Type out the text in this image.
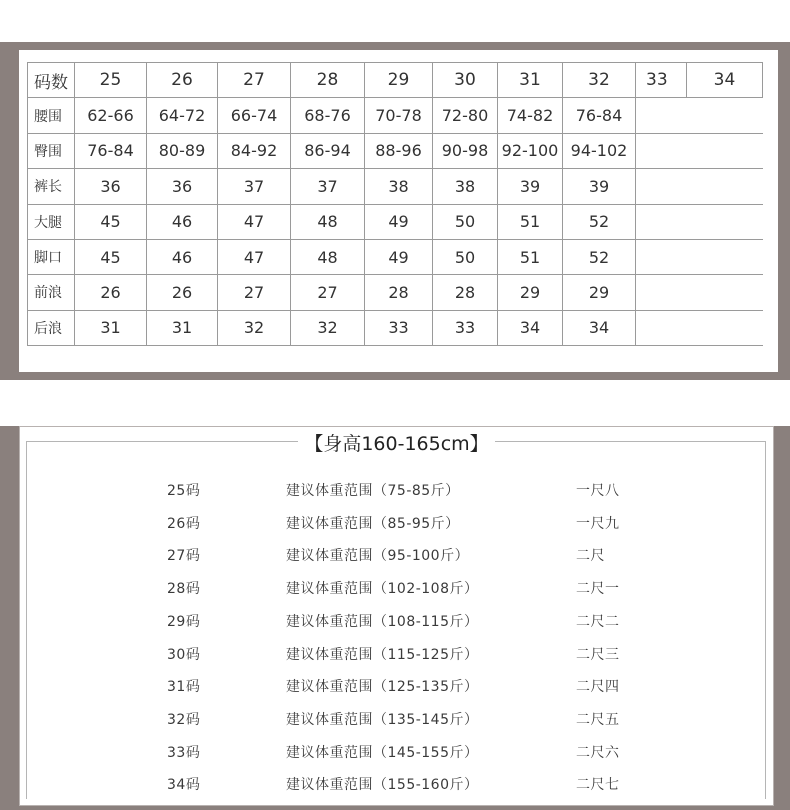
码数	25	26	27	28	29	30	31	32	33	34
腰围	62-66	64-72	66-74	68-76	70-78	72-80	74-82	76-84		
臀围	76-84	80-89	84-92	86-94	88-96	90-98	92-100	94-102		
裤长	36	36	37	37	38	38	39	39		
大腿	45	46	47	48	49	50	51	52		
脚口	45	46	47	48	49	50	51	52		
前浪	26	26	27	27	28	28	29	29		
后浪	31	31	32	32	33	33	34	34		
【身高160-165cm】
25码	建议体重范围（75-85斤）	一尺八
26码	建议体重范围（85-95斤）	一尺九
27码	建议体重范围（95-100斤）	二尺
28码	建议体重范围（102-108斤）	二尺一
29码	建议体重范围（108-115斤）	二尺二
30码	建议体重范围（115-125斤）	二尺三
31码	建议体重范围（125-135斤）	二尺四
32码	建议体重范围（135-145斤）	二尺五
33码	建议体重范围（145-155斤）	二尺六
34码	建议体重范围（155-160斤）	二尺七
